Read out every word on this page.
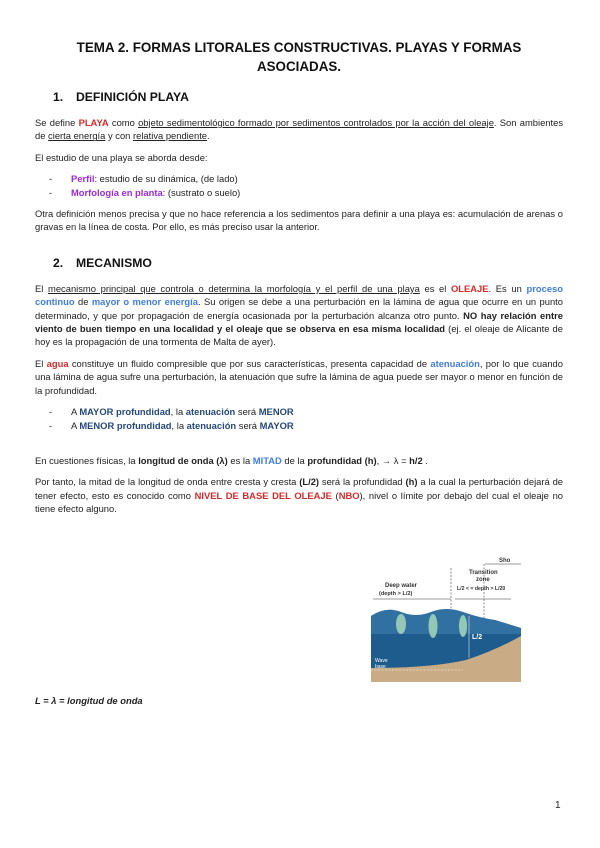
TEMA 2. FORMAS LITORALES CONSTRUCTIVAS. PLAYAS Y FORMAS ASOCIADAS.
1. DEFINICIÓN PLAYA

Se define PLAYA como objeto sedimentológico formado por sedimentos controlados por la acción del oleaje. Son ambientes de cierta energía y con relativa pendiente.

El estudio de una playa se aborda desde:

- Perfil: estudio de su dinámica, (de lado)
- Morfología en planta: (sustrato o suelo)

Otra definición menos precisa y que no hace referencia a los sedimentos para definir a una playa es: acumulación de arenas o gravas en la línea de costa. Por ello, es más preciso usar la anterior.

2. MECANISMO

El mecanismo principal que controla o determina la morfología y el perfil de una playa es el OLEAJE. Es un proceso continuo de mayor o menor energía. Su origen se debe a una perturbación en la lámina de agua que ocurre en un punto determinado, y que por propagación de energía ocasionada por la perturbación alcanza otro punto. NO hay relación entre viento de buen tiempo en una localidad y el oleaje que se observa en esa misma localidad (ej. el oleaje de Alicante de hoy es la propagación de una tormenta de Malta de ayer).

El agua constituye un fluido compresible que por sus características, presenta capacidad de atenuación, por lo que cuando una lámina de agua sufre una perturbación, la atenuación que sufre la lámina de agua puede ser mayor o menor en función de la profundidad.

- A MAYOR profundidad, la atenuación será MENOR
- A MENOR profundidad, la atenuación será MAYOR

En cuestiones físicas, la longitud de onda (λ) es la MITAD de la profundidad (h), → λ = h/2 .

Por tanto, la mitad de la longitud de onda entre cresta y cresta (L/2) será la profundidad (h) a la cual la perturbación dejará de tener efecto, esto es conocido como NIVEL DE BASE DEL OLEAJE (NBO), nivel o límite por debajo del cual el oleaje no tiene efecto alguno.

Sho
Transition
zone
L/2 < = depth > L/20
Deep water
(depth > L/2)
L/2
Wave
base
L = λ = longitud de onda
1
